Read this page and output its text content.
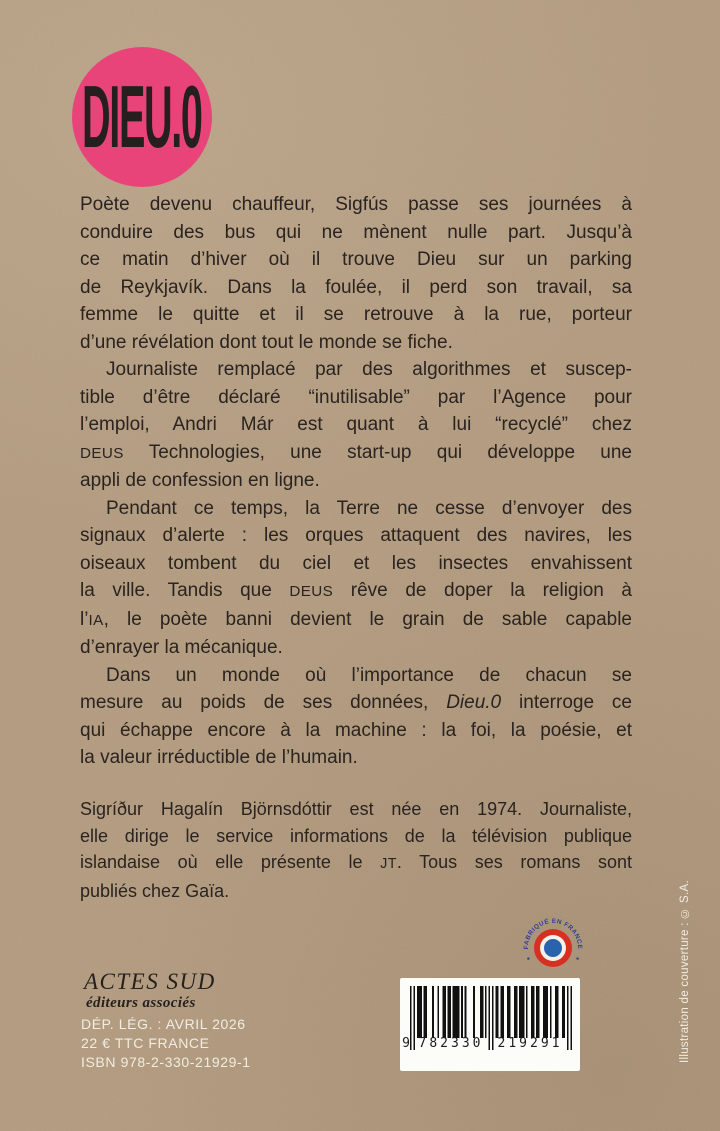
DIEU.0
Poète devenu chauffeur, Sigfús passe ses journées à
conduire des bus qui ne mènent nulle part. Jusqu’à
ce matin d’hiver où il trouve Dieu sur un parking
de Reykjavík. Dans la foulée, il perd son travail, sa
femme le quitte et il se retrouve à la rue, porteur
d’une révélation dont tout le monde se fiche.
Journaliste remplacé par des algorithmes et suscep-
tible d’être déclaré “inutilisable” par l’Agence pour
l’emploi, Andri Már est quant à lui “recyclé” chez
DEUS Technologies, une start-up qui développe une
appli de confession en ligne.
Pendant ce temps, la Terre ne cesse d’envoyer des
signaux d’alerte : les orques attaquent des navires, les
oiseaux tombent du ciel et les insectes envahissent
la ville. Tandis que DEUS rêve de doper la religion à
l’IA, le poète banni devient le grain de sable capable
d’enrayer la mécanique.
Dans un monde où l’importance de chacun se
mesure au poids de ses données, Dieu.0 interroge ce
qui échappe encore à la machine : la foi, la poésie, et
la valeur irréductible de l’humain.
Sigríður Hagalín Björnsdóttir est née en 1974. Journaliste,
elle dirige le service informations de la télévision publique
islandaise où elle présente le JT. Tous ses romans sont
publiés chez Gaïa.
ACTES SUD
éditeurs associés
DÉP. LÉG. : AVRIL 2026
22 € TTC FRANCE
ISBN 978-2-330-21929-1
FABRIQUÉ EN FRANCE
9 782330 219291	Illustration de couverture : © S.A.
